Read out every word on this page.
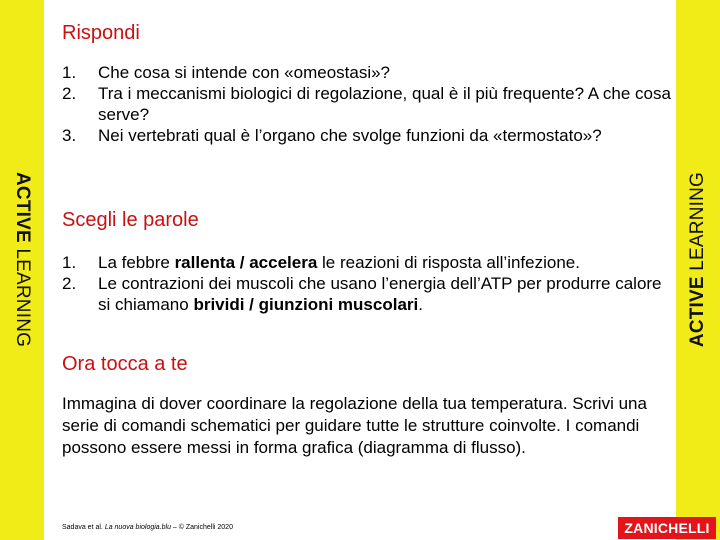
ACTIVE LEARNING	ACTIVE LEARNING
Rispondi
1. Che cosa si intende con «omeostasi»?
2. Tra i meccanismi biologici di regolazione, qual è il più frequente? A che cosa serve?
3. Nei vertebrati qual è l’organo che svolge funzioni da «termostato»?
Scegli le parole
1. La febbre rallenta / accelera le reazioni di risposta all’infezione.
2. Le contrazioni dei muscoli che usano l’energia dell’ATP per produrre calore si chiamano brividi / giunzioni muscolari.
Ora tocca a te

Immagina di dover coordinare la regolazione della tua temperatura. Scrivi una serie di comandi schematici per guidare tutte le strutture coinvolte. I comandi possono essere messi in forma grafica (diagramma di flusso).

Sadava et al. La nuova biologia.blu – © Zanichelli 2020	ZANICHELLI
